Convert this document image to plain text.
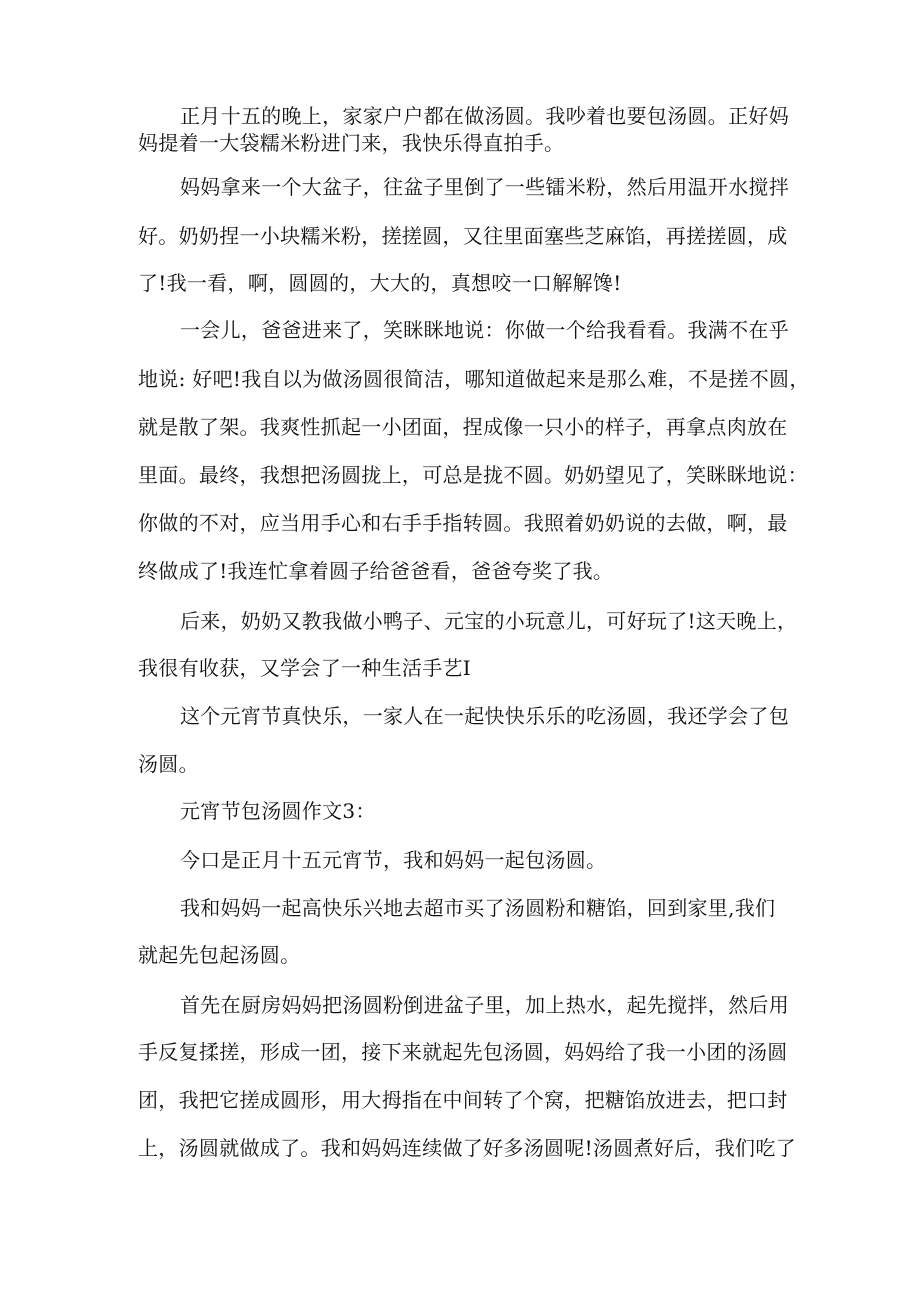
正月十五的晚上，家家户户都在做汤圆。我吵着也要包汤圆。正好妈
妈提着一大袋糯米粉进门来，我快乐得直拍手。
妈妈拿来一个大盆子，往盆子里倒了一些镭米粉，然后用温开水搅拌
好。奶奶捏一小块糯米粉，搓搓圆，又往里面塞些芝麻馅，再搓搓圆，成
了!我一看，啊，圆圆的，大大的，真想咬一口解解馋!
一会儿，爸爸进来了，笑眯眯地说：你做一个给我看看。我满不在乎
地说: 好吧!我自以为做汤圆很简洁，哪知道做起来是那么难，不是搓不圆，
就是散了架。我爽性抓起一小团面，捏成像一只小的样子，再拿点肉放在
里面。最终，我想把汤圆拢上，可总是拢不圆。奶奶望见了，笑眯眯地说：
你做的不对，应当用手心和右手手指转圆。我照着奶奶说的去做，啊，最
终做成了!我连忙拿着圆子给爸爸看，爸爸夸奖了我。
后来，奶奶又教我做小鸭子、元宝的小玩意儿，可好玩了!这天晚上，
我很有收获，又学会了一种生活手艺I
这个元宵节真快乐，一家人在一起快快乐乐的吃汤圆，我还学会了包
汤圆。
元宵节包汤圆作文3：
今口是正月十五元宵节，我和妈妈一起包汤圆。
我和妈妈一起高快乐兴地去超市买了汤圆粉和糖馅，回到家里,我们
就起先包起汤圆。
首先在厨房妈妈把汤圆粉倒进盆子里，加上热水，起先搅拌，然后用
手反复揉搓，形成一团，接下来就起先包汤圆，妈妈给了我一小团的汤圆
团，我把它搓成圆形，用大拇指在中间转了个窝，把糖馅放进去，把口封
上，汤圆就做成了。我和妈妈连续做了好多汤圆呢!汤圆煮好后，我们吃了
